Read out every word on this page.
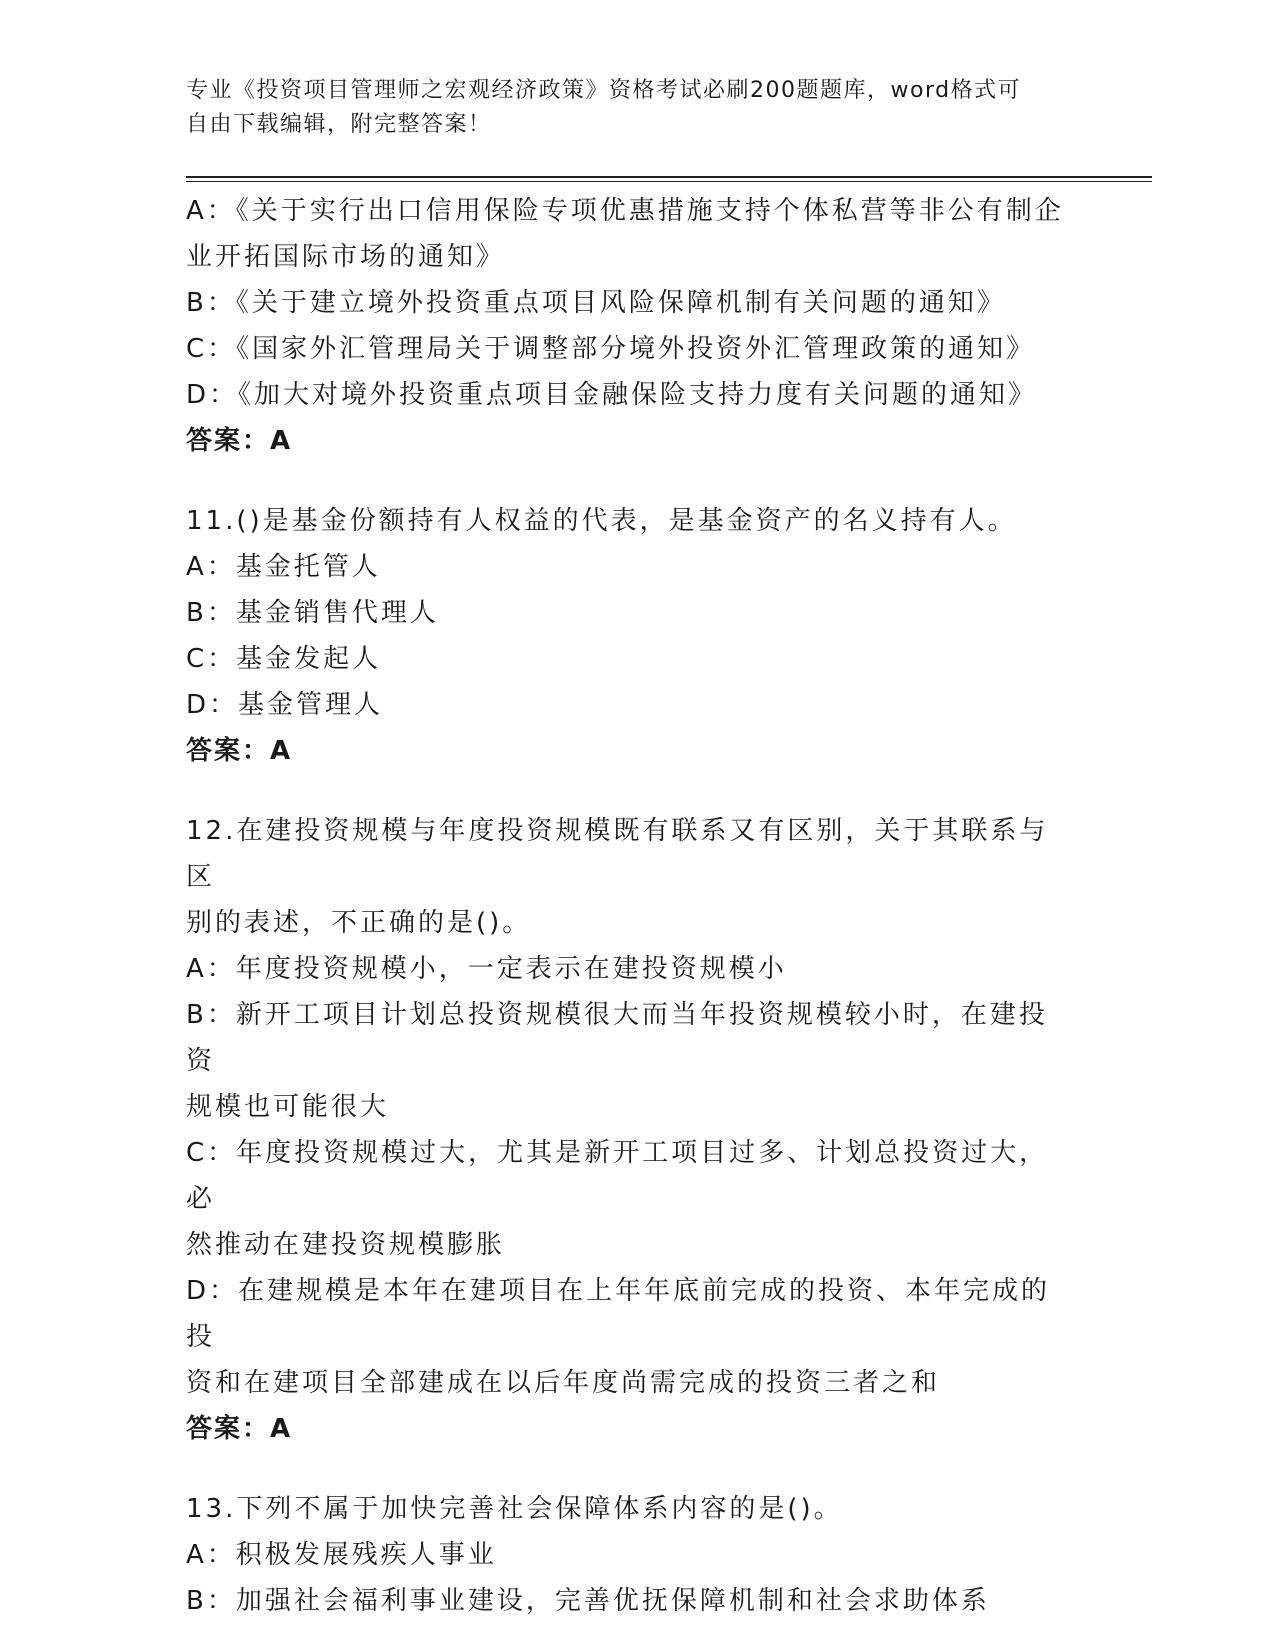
专业《投资项目管理师之宏观经济政策》资格考试必刷200题题库，word格式可
自由下载编辑，附完整答案！
A：《关于实行出口信用保险专项优惠措施支持个体私营等非公有制企
业开拓国际市场的通知》
B：《关于建立境外投资重点项目风险保障机制有关问题的通知》
C：《国家外汇管理局关于调整部分境外投资外汇管理政策的通知》
D：《加大对境外投资重点项目金融保险支持力度有关问题的通知》
答案：A
11.()是基金份额持有人权益的代表，是基金资产的名义持有人。
A：基金托管人
B：基金销售代理人
C：基金发起人
D：基金管理人
答案：A
12.在建投资规模与年度投资规模既有联系又有区别，关于其联系与区
别的表述，不正确的是()。
A：年度投资规模小，一定表示在建投资规模小
B：新开工项目计划总投资规模很大而当年投资规模较小时，在建投资
规模也可能很大
C：年度投资规模过大，尤其是新开工项目过多、计划总投资过大，必
然推动在建投资规模膨胀
D：在建规模是本年在建项目在上年年底前完成的投资、本年完成的投
资和在建项目全部建成在以后年度尚需完成的投资三者之和
答案：A
13.下列不属于加快完善社会保障体系内容的是()。
A：积极发展残疾人事业
B：加强社会福利事业建设，完善优抚保障机制和社会求助体系
